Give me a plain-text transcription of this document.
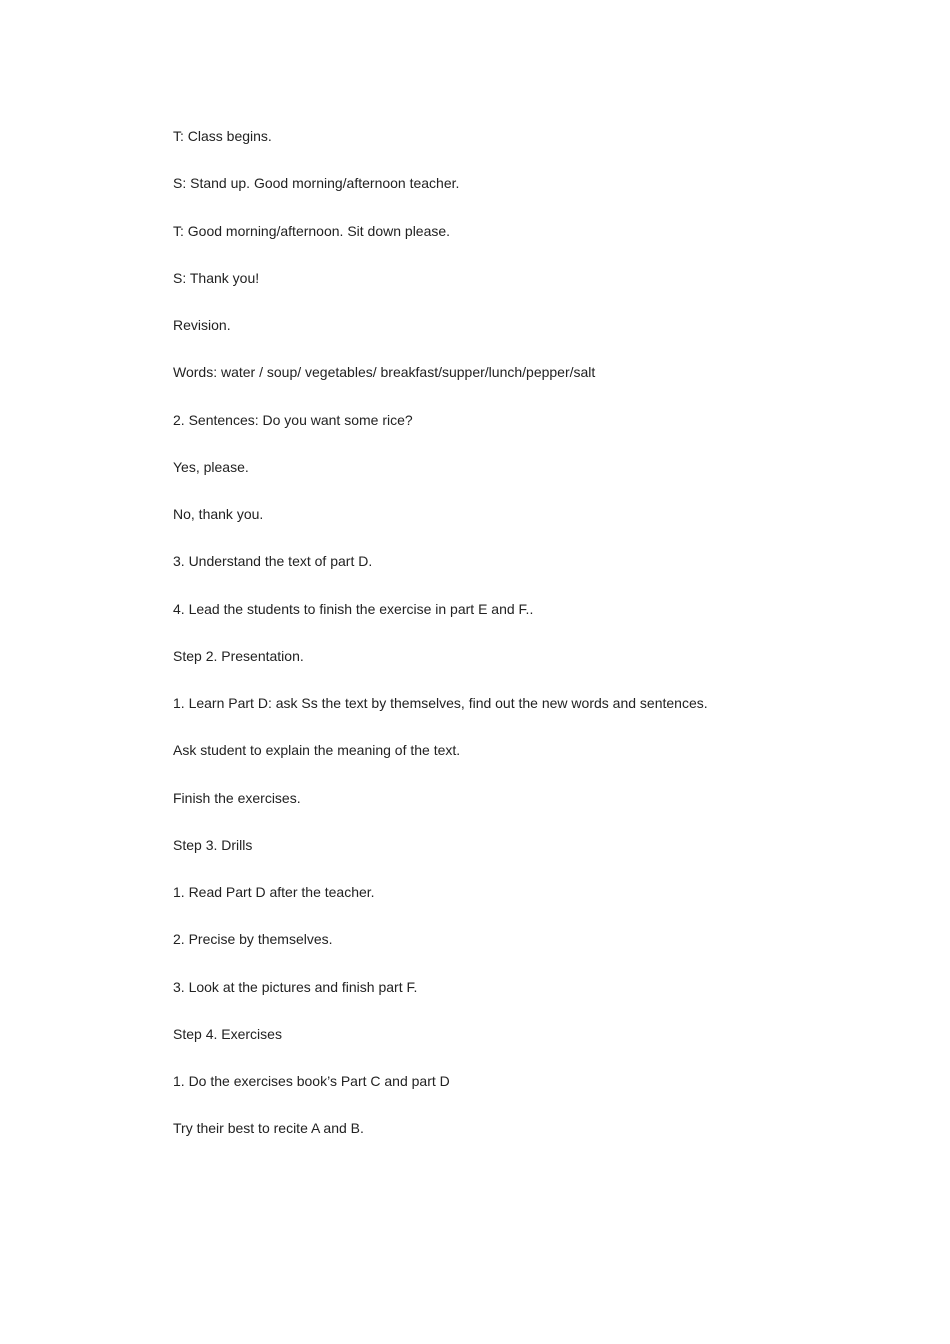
T: Class begins.

S: Stand up. Good morning/afternoon teacher.

T: Good morning/afternoon. Sit down please.

S: Thank you!

Revision.

Words: water / soup/ vegetables/ breakfast/supper/lunch/pepper/salt

2. Sentences: Do you want some rice?

Yes, please.

No, thank you.

3. Understand the text of part D.

4. Lead the students to finish the exercise in part E and F..

Step 2. Presentation.

1. Learn Part D: ask Ss the text by themselves, find out the new words and sentences.

Ask student to explain the meaning of the text.

Finish the exercises.

Step 3. Drills

1. Read Part D after the teacher.

2. Precise by themselves.

3. Look at the pictures and finish part F.

Step 4. Exercises

1. Do the exercises book’s Part C and part D

Try their best to recite A and B.
